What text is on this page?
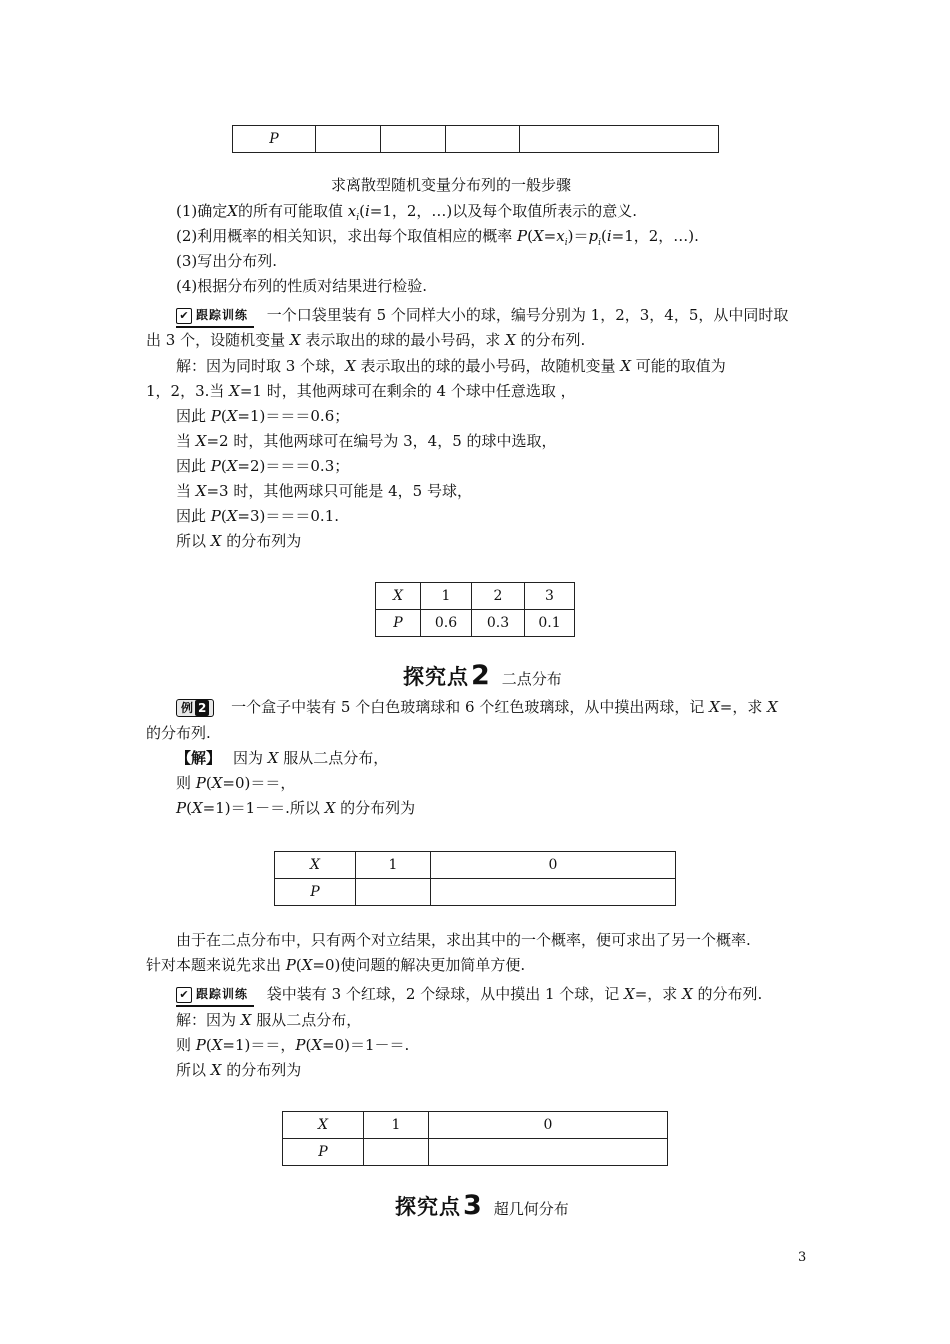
P				
求离散型随机变量分布列的一般步骤
(1)确定X的所有可能取值 $x_i(i=1$，2，…)以及每个取值所表示的意义.
(2)利用概率的相关知识，求出每个取值相应的概率 $P(X=x_i)=p_i(i=1$，2，…).
(3)写出分布列.
(4)根据分布列的性质对结果进行检验.
✔ 跟踪训练 一个口袋里装有 5 个同样大小的球，编号分别为 1，2，3，4，5，从中同时取
出 3 个，设随机变量 X 表示取出的球的最小号码，求 X 的分布列.
解：因为同时取 3 个球，X 表示取出的球的最小号码，故随机变量 X 可能的取值为
1，2，3.当 X=1 时，其他两球可在剩余的 4 个球中任意选取 ，
因此 P(X=1)＝＝＝0.6；
当 X=2 时，其他两球可在编号为 3，4，5 的球中选取，
因此 P(X=2)＝＝＝0.3；
当 X=3 时，其他两球只可能是 4，5 号球，
因此 P(X=3)＝＝＝0.1.
所以 X 的分布列为
X	1	2	3
P	0.6	0.3	0.1
探究点2 二点分布
例 2 一个盒子中装有 5 个白色玻璃球和 6 个红色玻璃球，从中摸出两球，记 X=，求 X
的分布列.
【解】 因为 X 服从二点分布，
则 P(X=0)＝＝，
P(X=1)＝1－＝.所以 X 的分布列为
X	1	0
P		
由于在二点分布中，只有两个对立结果，求出其中的一个概率，便可求出了另一个概率.
针对本题来说先求出 P(X=0)使问题的解决更加简单方便.
✔ 跟踪训练 袋中装有 3 个红球，2 个绿球，从中摸出 1 个球，记 X=，求 X 的分布列.
解：因为 X 服从二点分布，
则 P(X=1)＝＝，P(X=0)＝1－＝.
所以 X 的分布列为
X	1	0
P		
探究点3 超几何分布
3
